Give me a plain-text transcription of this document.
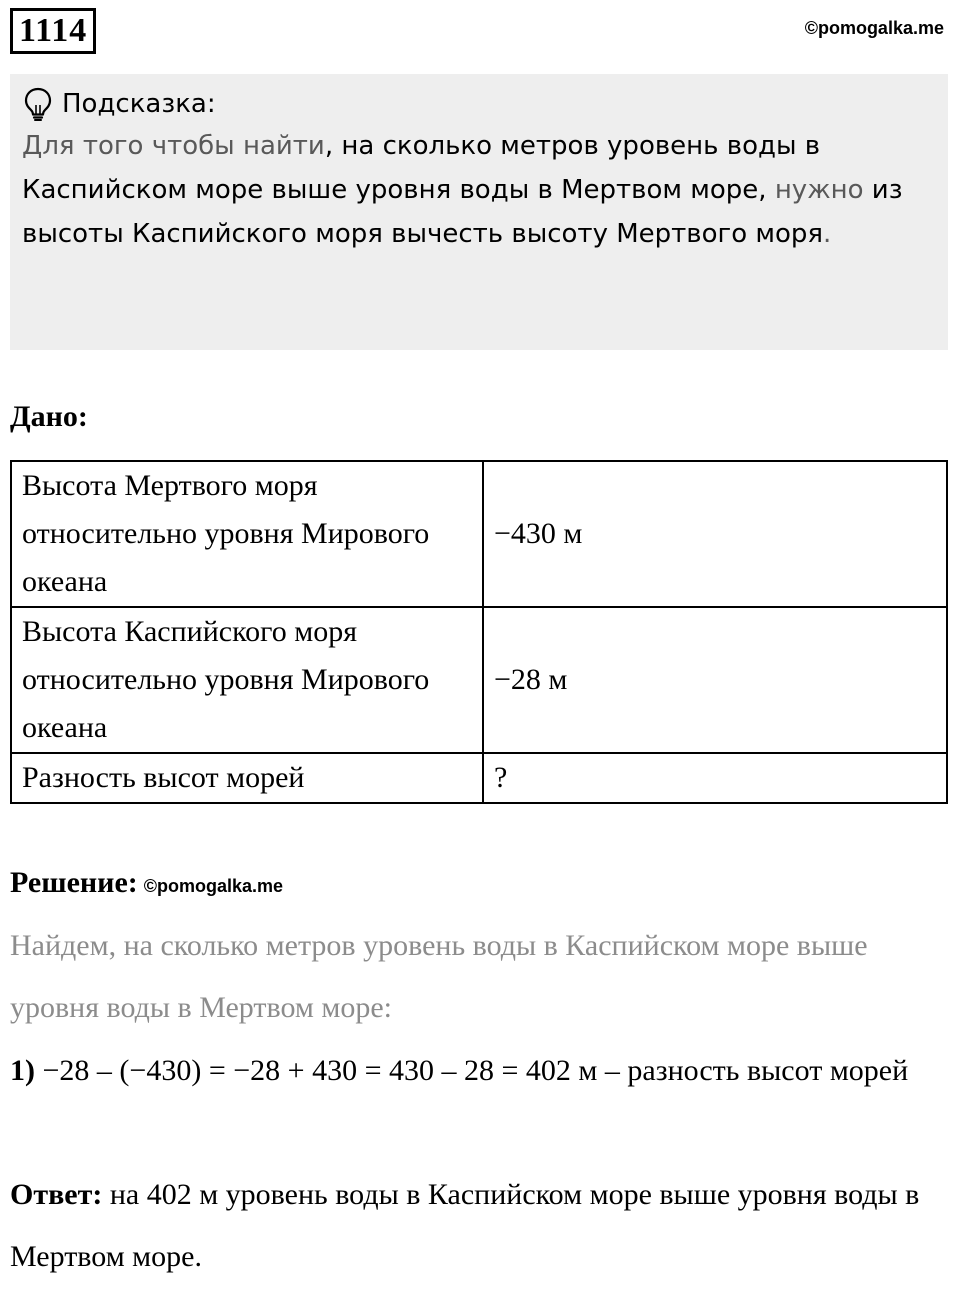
1114	©pomogalka.me
Подсказка:
Для того чтобы найти, на сколько метров уровень воды в Каспийском море выше уровня воды в Мертвом море, нужно из высоты Каспийского моря вычесть высоту Мертвого моря.
Дано:
Высота Мертвого моря относительно уровня Мирового океана	−430 м
Высота Каспийского моря относительно уровня Мирового океана	−28 м
Разность высот морей	?
Решение: ©pomogalka.me
Найдем, на сколько метров уровень воды в Каспийском море выше уровня воды в Мертвом море:
1) −28 – (−430) = −28 + 430 = 430 – 28 = 402 м – разность высот морей
Ответ: на 402 м уровень воды в Каспийском море выше уровня воды в Мертвом море.
